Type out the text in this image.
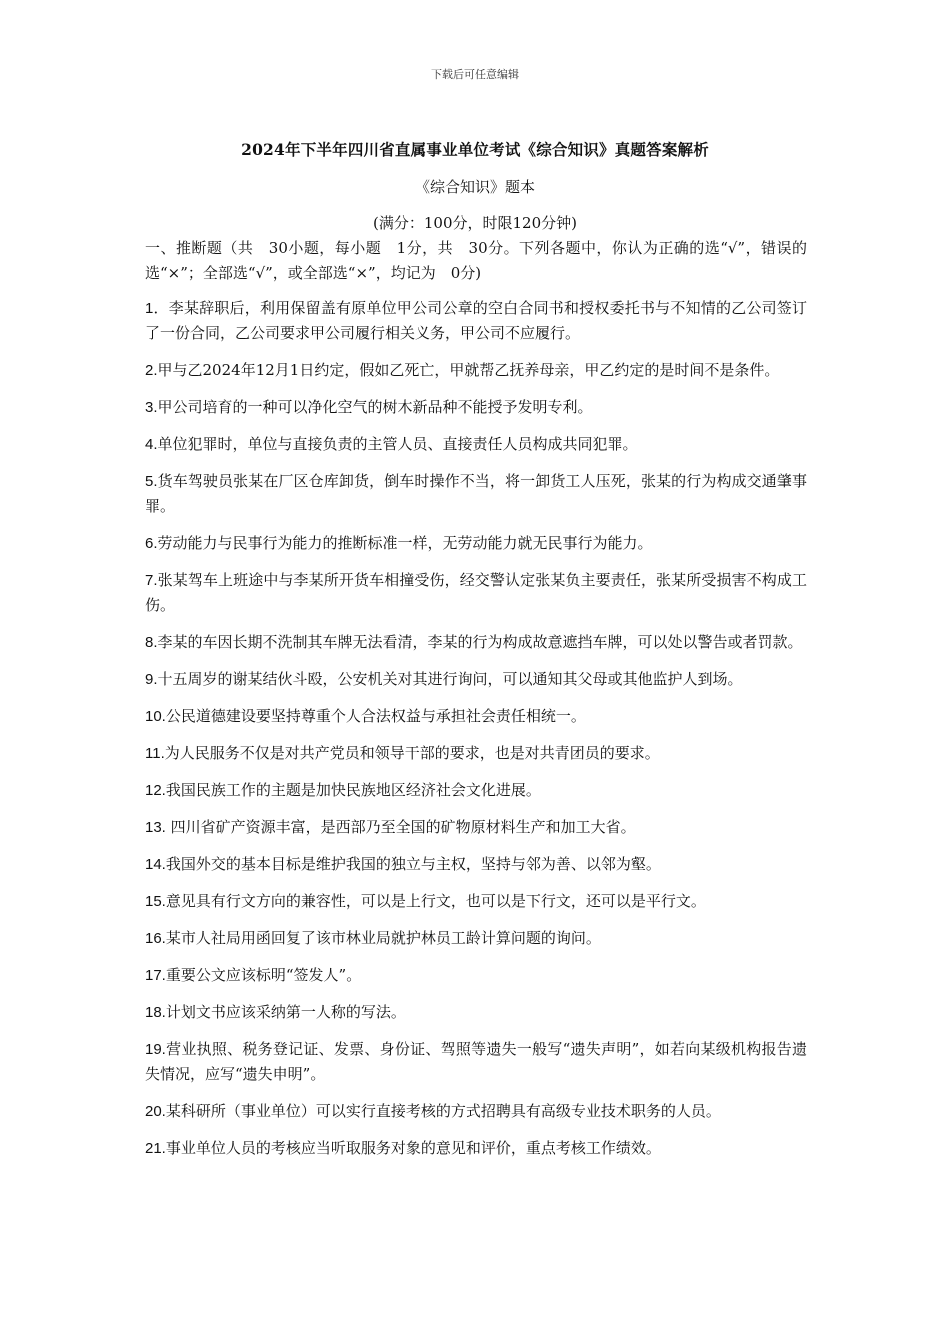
下载后可任意编辑
2024年下半年四川省直属事业单位考试《综合知识》真题答案解析
《综合知识》题本
(满分：100分，时限120分钟)

一、推断题（共　30小题，每小题　1分，共　30分。下列各题中，你认为正确的选“√”，错误的选“×”；全部选“√”，或全部选“×”，均记为　0分)

1．李某辞职后，利用保留盖有原单位甲公司公章的空白合同书和授权委托书与不知情的乙公司签订了一份合同，乙公司要求甲公司履行相关义务，甲公司不应履行。
2.甲与乙2024年12月1日约定，假如乙死亡，甲就帮乙抚养母亲，甲乙约定的是时间不是条件。
3.甲公司培育的一种可以净化空气的树木新品种不能授予发明专利。
4.单位犯罪时，单位与直接负责的主管人员、直接责任人员构成共同犯罪。
5.货车驾驶员张某在厂区仓库卸货，倒车时操作不当，将一卸货工人压死，张某的行为构成交通肇事罪。
6.劳动能力与民事行为能力的推断标准一样，无劳动能力就无民事行为能力。
7.张某驾车上班途中与李某所开货车相撞受伤，经交警认定张某负主要责任，张某所受损害不构成工伤。
8.李某的车因长期不洗制其车牌无法看清，李某的行为构成故意遮挡车牌，可以处以警告或者罚款。
9.十五周岁的谢某结伙斗殴，公安机关对其进行询问，可以通知其父母或其他监护人到场。
10.公民道德建设要坚持尊重个人合法权益与承担社会责任相统一。
11.为人民服务不仅是对共产党员和领导干部的要求，也是对共青团员的要求。
12.我国民族工作的主题是加快民族地区经济社会文化进展。
13. 四川省矿产资源丰富，是西部乃至全国的矿物原材料生产和加工大省。
14.我国外交的基本目标是维护我国的独立与主权，坚持与邻为善、以邻为壑。
15.意见具有行文方向的兼容性，可以是上行文，也可以是下行文，还可以是平行文。
16.某市人社局用函回复了该市林业局就护林员工龄计算问题的询问。
17.重要公文应该标明“签发人”。
18.计划文书应该采纳第一人称的写法。
19.营业执照、税务登记证、发票、身份证、驾照等遗失一般写“遗失声明”，如若向某级机构报告遗失情况，应写“遗失申明”。
20.某科研所（事业单位）可以实行直接考核的方式招聘具有高级专业技术职务的人员。
21.事业单位人员的考核应当听取服务对象的意见和评价，重点考核工作绩效。
